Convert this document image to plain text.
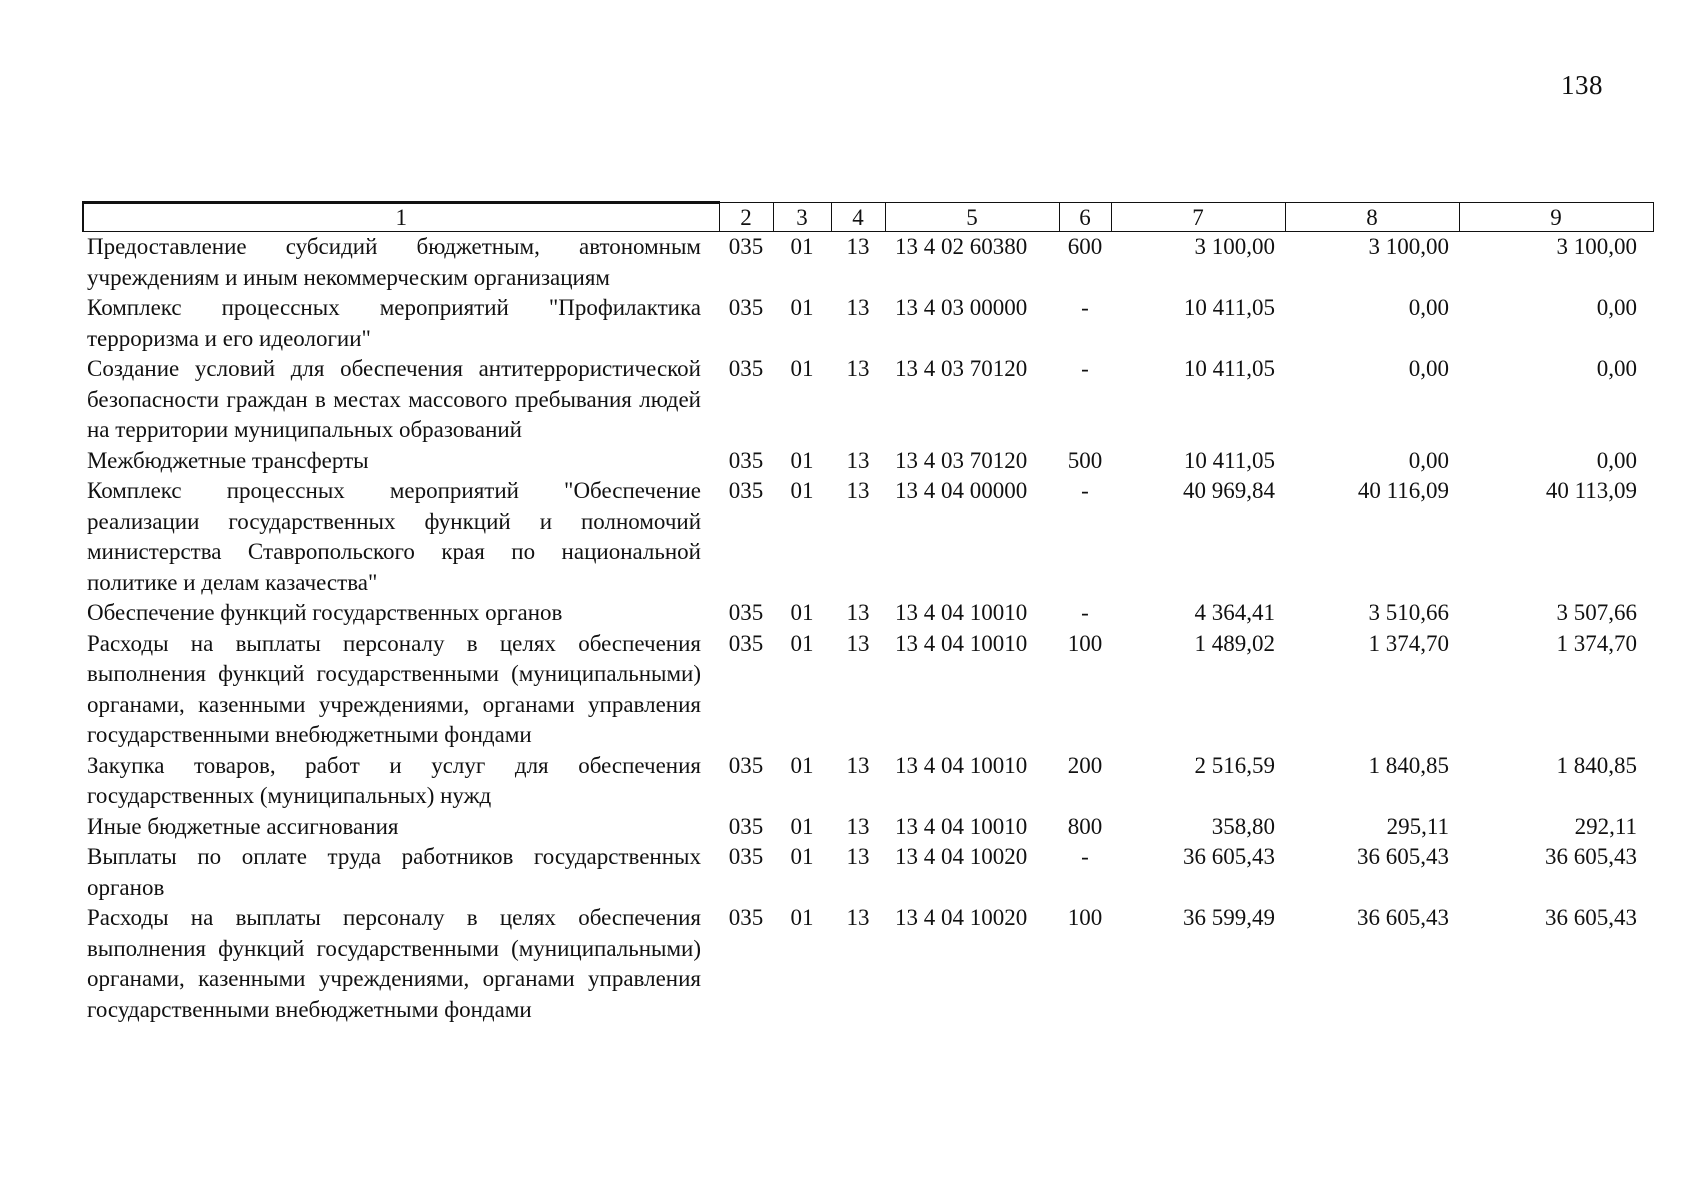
138
1	2	3	4	5	6	7	8	9
Предоставление субсидий бюджетным, автономным учреждениям и иным некоммерческим организациям	035	01	13	13 4 02 60380	600	3 100,00	3 100,00	3 100,00
Комплекс процессных мероприятий "Профилактика терроризма и его идеологии"	035	01	13	13 4 03 00000	-	10 411,05	0,00	0,00
Создание условий для обеспечения антитеррористической безопасности граждан в местах массового пребывания людей на территории муниципальных образований	035	01	13	13 4 03 70120	-	10 411,05	0,00	0,00
Межбюджетные трансферты	035	01	13	13 4 03 70120	500	10 411,05	0,00	0,00
Комплекс процессных мероприятий "Обеспечение реализации государственных функций и полномочий министерства Ставропольского края по национальной политике и делам казачества"	035	01	13	13 4 04 00000	-	40 969,84	40 116,09	40 113,09
Обеспечение функций государственных органов	035	01	13	13 4 04 10010	-	4 364,41	3 510,66	3 507,66
Расходы на выплаты персоналу в целях обеспечения выполнения функций государственными (муниципальными) органами, казенными учреждениями, органами управления государственными внебюджетными фондами	035	01	13	13 4 04 10010	100	1 489,02	1 374,70	1 374,70
Закупка товаров, работ и услуг для обеспечения государственных (муниципальных) нужд	035	01	13	13 4 04 10010	200	2 516,59	1 840,85	1 840,85
Иные бюджетные ассигнования	035	01	13	13 4 04 10010	800	358,80	295,11	292,11
Выплаты по оплате труда работников государственных органов	035	01	13	13 4 04 10020	-	36 605,43	36 605,43	36 605,43
Расходы на выплаты персоналу в целях обеспечения выполнения функций государственными (муниципальными) органами, казенными учреждениями, органами управления государственными внебюджетными фондами	035	01	13	13 4 04 10020	100	36 599,49	36 605,43	36 605,43
